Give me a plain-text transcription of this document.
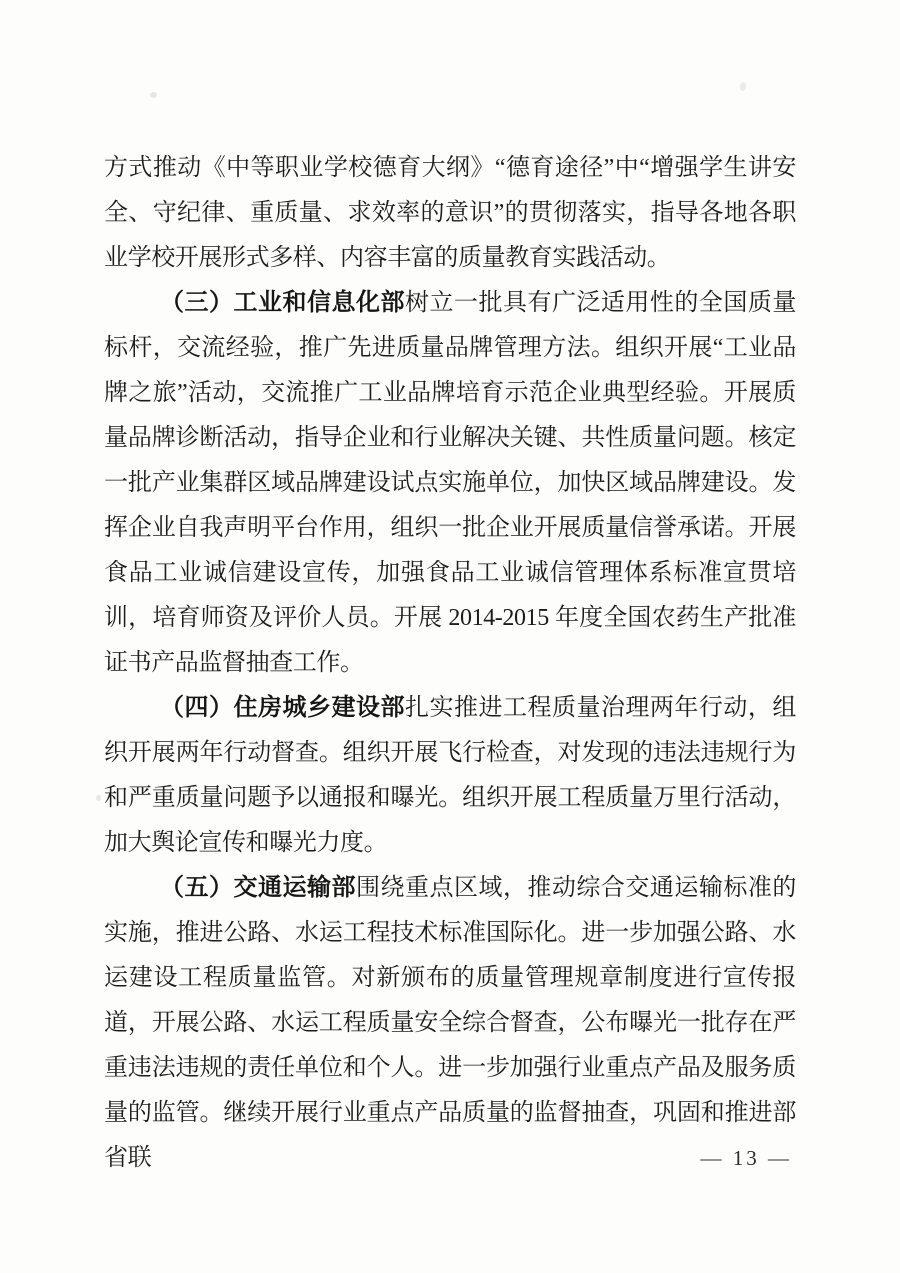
方式推动《中等职业学校德育大纲》“德育途径”中“增强学生讲安全、守纪律、重质量、求效率的意识”的贯彻落实，指导各地各职业学校开展形式多样、内容丰富的质量教育实践活动。

（三）工业和信息化部树立一批具有广泛适用性的全国质量标杆，交流经验，推广先进质量品牌管理方法。组织开展“工业品牌之旅”活动，交流推广工业品牌培育示范企业典型经验。开展质量品牌诊断活动，指导企业和行业解决关键、共性质量问题。核定一批产业集群区域品牌建设试点实施单位，加快区域品牌建设。发挥企业自我声明平台作用，组织一批企业开展质量信誉承诺。开展食品工业诚信建设宣传，加强食品工业诚信管理体系标准宣贯培训，培育师资及评价人员。开展 2014-2015 年度全国农药生产批准证书产品监督抽查工作。

（四）住房城乡建设部扎实推进工程质量治理两年行动，组织开展两年行动督查。组织开展飞行检查，对发现的违法违规行为和严重质量问题予以通报和曝光。组织开展工程质量万里行活动，加大舆论宣传和曝光力度。

（五）交通运输部围绕重点区域，推动综合交通运输标准的实施，推进公路、水运工程技术标准国际化。进一步加强公路、水运建设工程质量监管。对新颁布的质量管理规章制度进行宣传报道，开展公路、水运工程质量安全综合督查，公布曝光一批存在严重违法违规的责任单位和个人。进一步加强行业重点产品及服务质量的监管。继续开展行业重点产品质量的监督抽查，巩固和推进部省联	— 13 —
